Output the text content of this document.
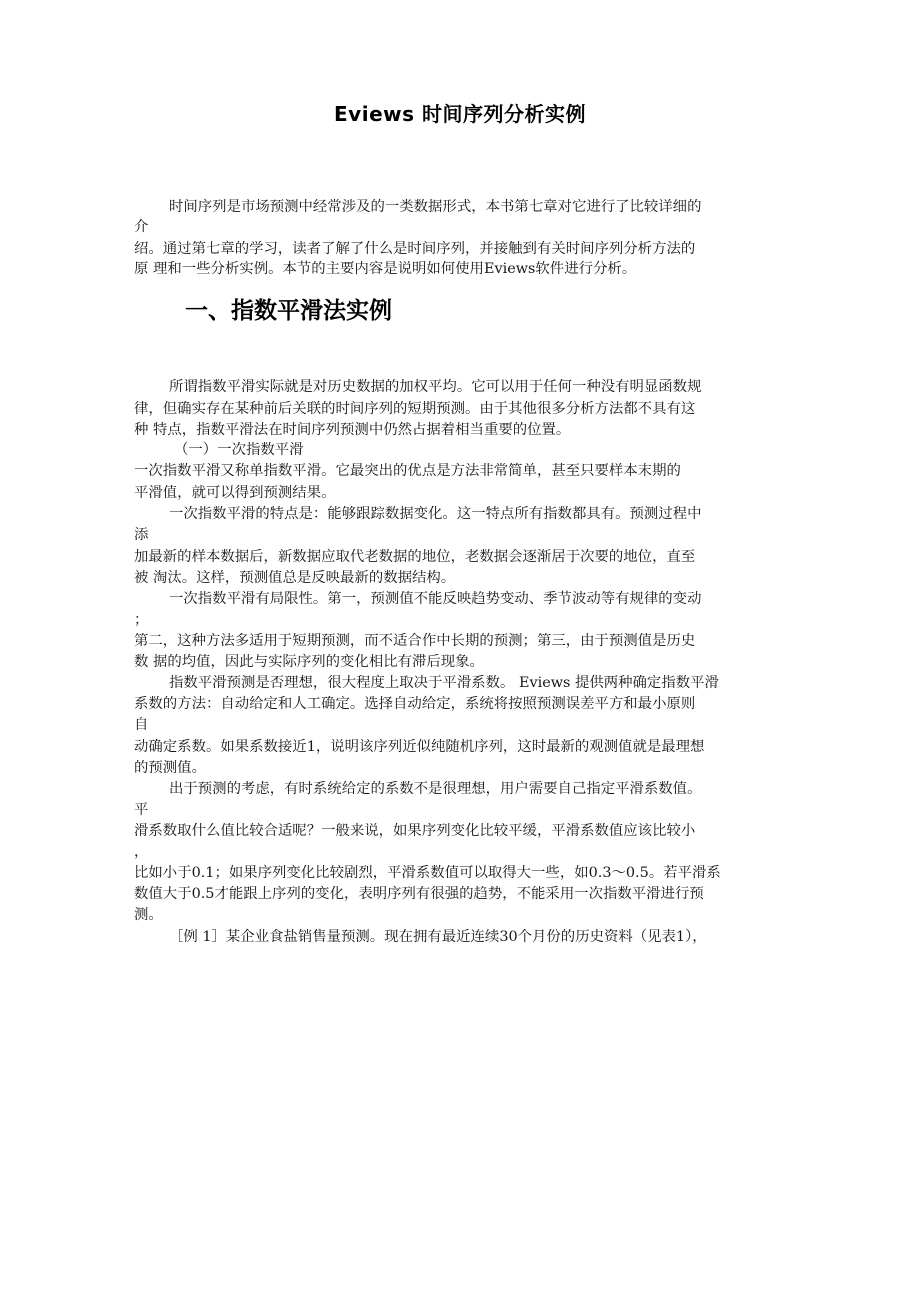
Eviews 时间序列分析实例
时间序列是市场预测中经常涉及的一类数据形式，本书第七章对它进行了比较详细的
介
绍。通过第七章的学习，读者了解了什么是时间序列，并接触到有关时间序列分析方法的
原 理和一些分析实例。本节的主要内容是说明如何使用Eviews软件进行分析。
一、指数平滑法实例
所谓指数平滑实际就是对历史数据的加权平均。它可以用于任何一种没有明显函数规
律，但确实存在某种前后关联的时间序列的短期预测。由于其他很多分析方法都不具有这
种 特点，指数平滑法在时间序列预测中仍然占据着相当重要的位置。
（一）一次指数平滑
一次指数平滑又称单指数平滑。它最突出的优点是方法非常简单，甚至只要样本末期的
平滑值，就可以得到预测结果。
一次指数平滑的特点是：能够跟踪数据变化。这一特点所有指数都具有。预测过程中
添
加最新的样本数据后，新数据应取代老数据的地位，老数据会逐渐居于次要的地位，直至
被 淘汰。这样，预测值总是反映最新的数据结构。
一次指数平滑有局限性。第一，预测值不能反映趋势变动、季节波动等有规律的变动
；
第二，这种方法多适用于短期预测，而不适合作中长期的预测；第三，由于预测值是历史
数 据的均值，因此与实际序列的变化相比有滞后现象。
指数平滑预测是否理想，很大程度上取决于平滑系数。 Eviews 提供两种确定指数平滑
系数的方法：自动给定和人工确定。选择自动给定，系统将按照预测误差平方和最小原则
自
动确定系数。如果系数接近1，说明该序列近似纯随机序列，这时最新的观测值就是最理想
的预测值。
出于预测的考虑，有时系统给定的系数不是很理想，用户需要自己指定平滑系数值。
平
滑系数取什么值比较合适呢？一般来说，如果序列变化比较平缓，平滑系数值应该比较小
，
比如小于0.1；如果序列变化比较剧烈，平滑系数值可以取得大一些，如0.3～0.5。若平滑系
数值大于0.5才能跟上序列的变化，表明序列有很强的趋势，不能采用一次指数平滑进行预
测。
［例 1］某企业食盐销售量预测。现在拥有最近连续30个月份的历史资料（见表1），
